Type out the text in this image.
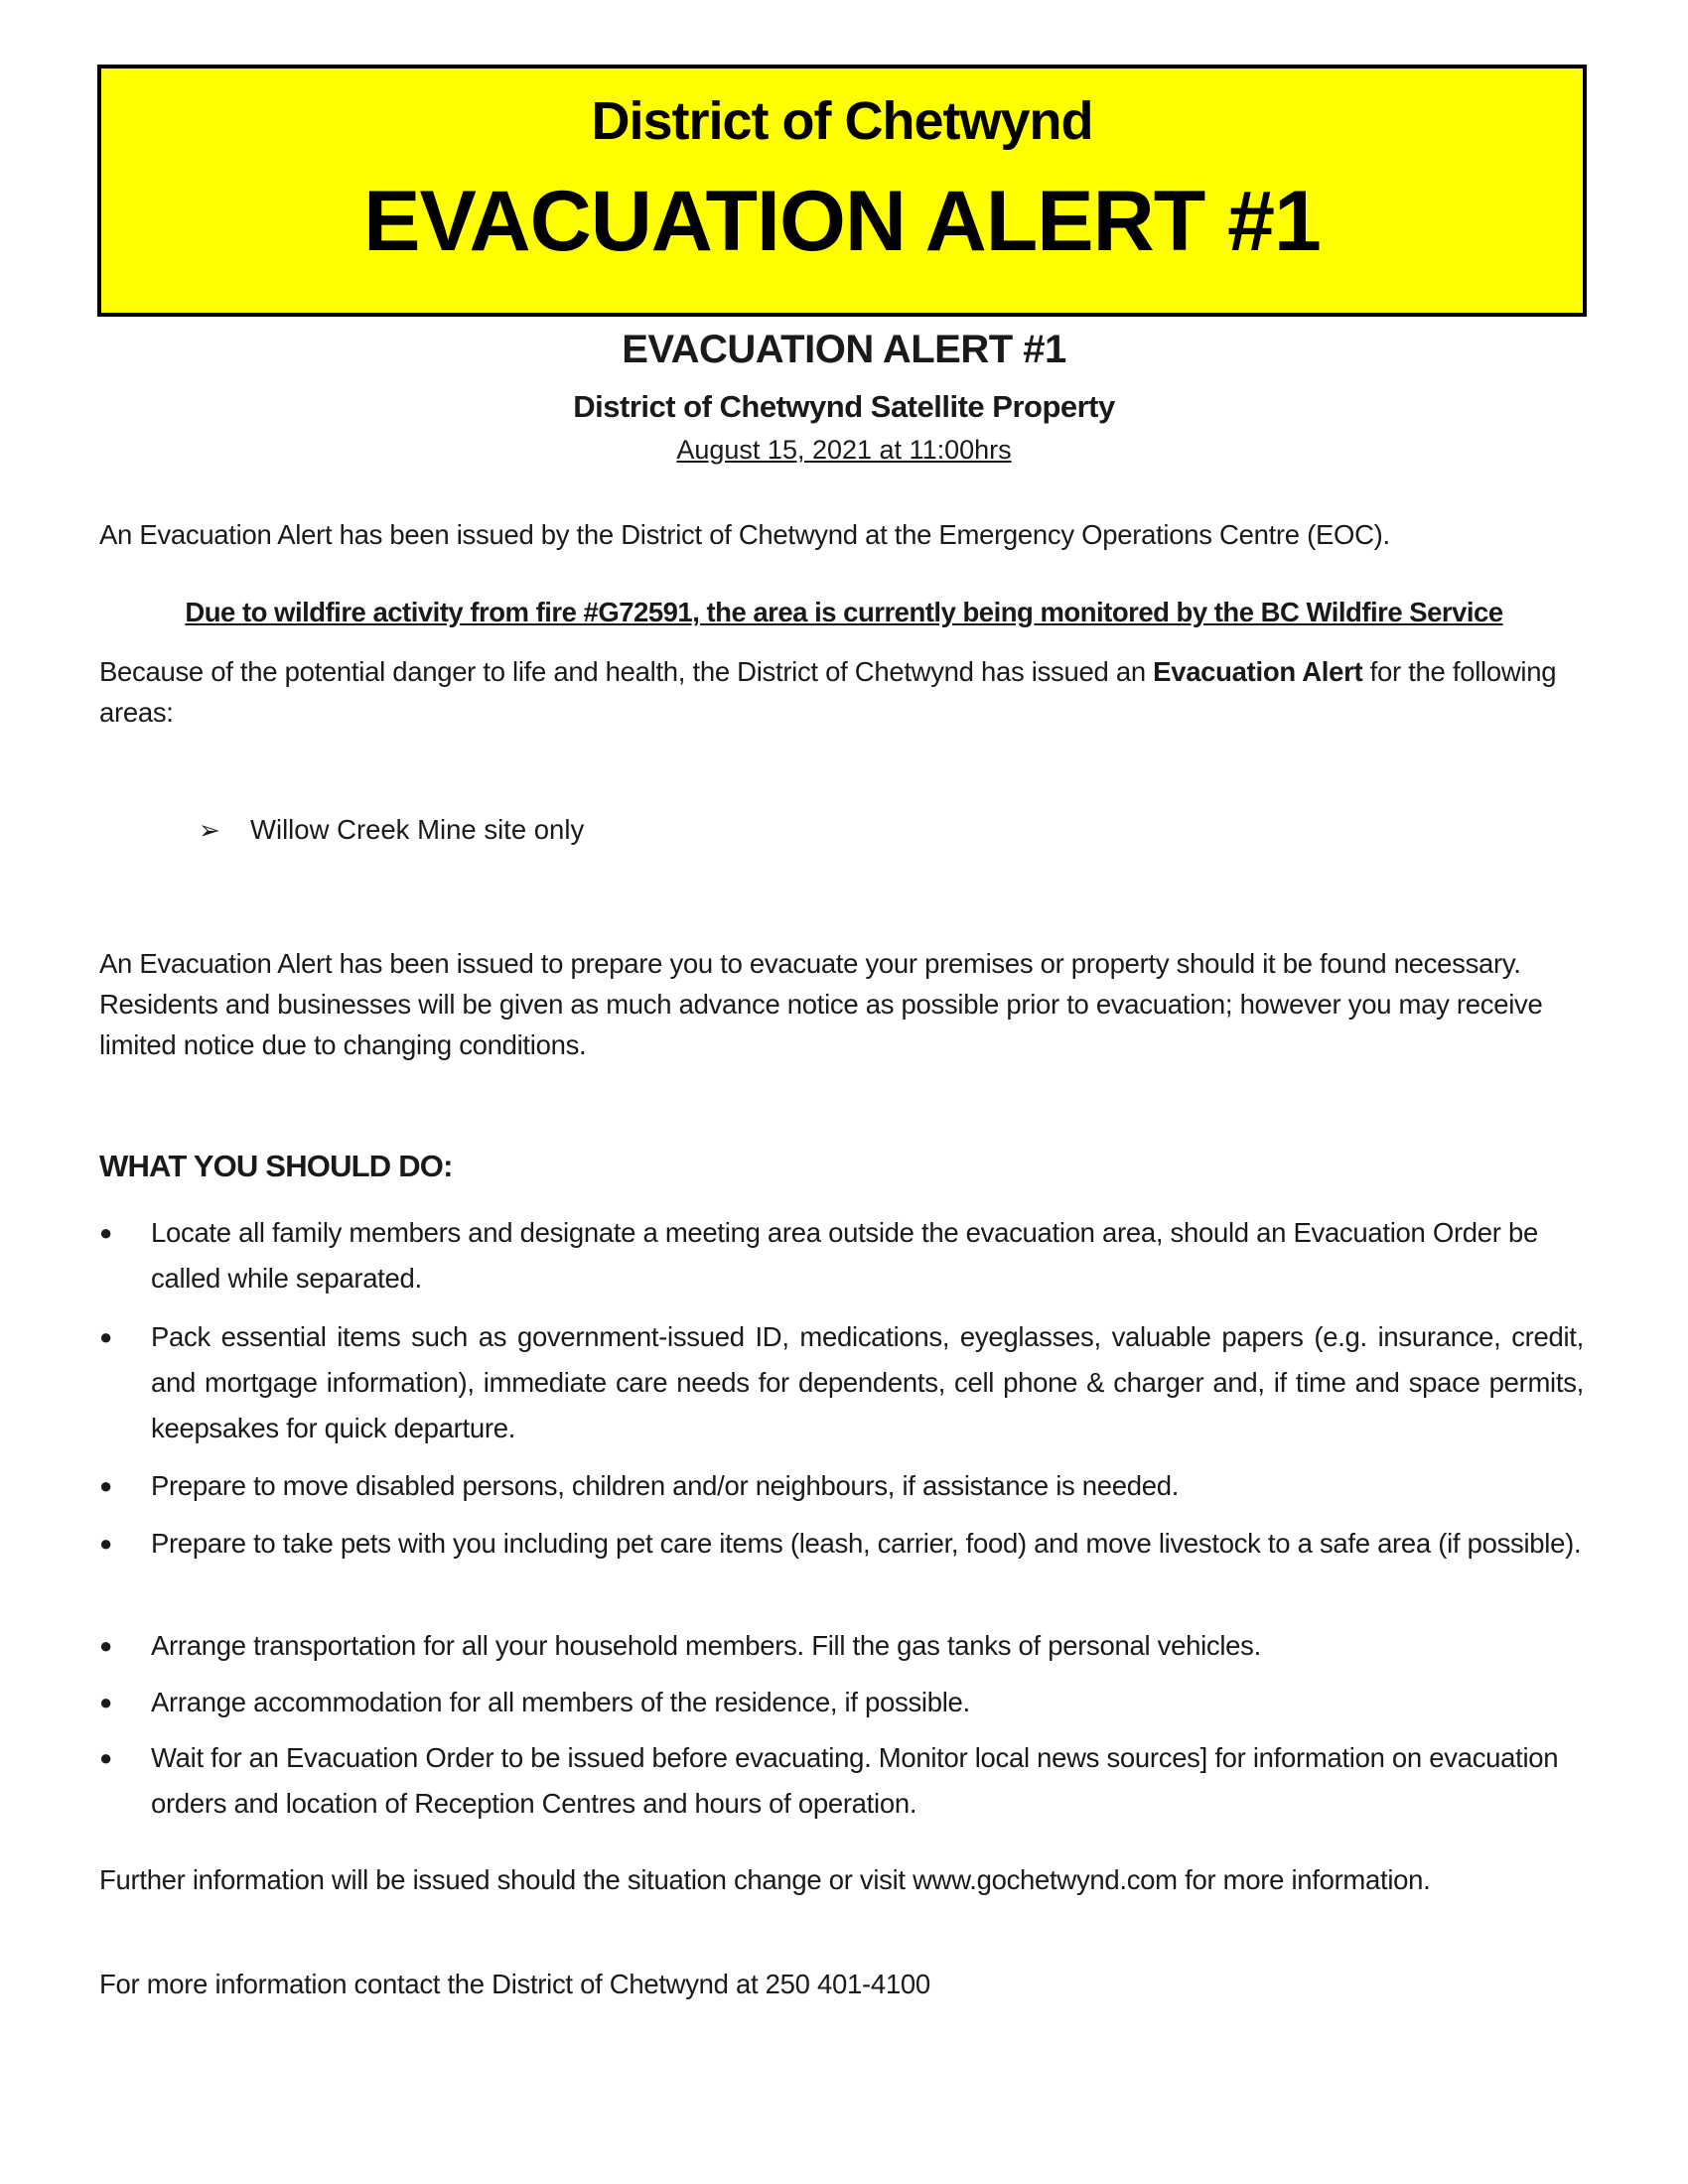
District of Chetwynd
EVACUATION ALERT #1
EVACUATION ALERT #1
District of Chetwynd Satellite Property
August 15, 2021 at 11:00hrs
An Evacuation Alert has been issued by the District of Chetwynd at the Emergency Operations Centre (EOC).
Due to wildfire activity from fire #G72591, the area is currently being monitored by the BC Wildfire Service
Because of the potential danger to life and health, the District of Chetwynd has issued an Evacuation Alert for the following areas:
➢ Willow Creek Mine site only
An Evacuation Alert has been issued to prepare you to evacuate your premises or property should it be found necessary. Residents and businesses will be given as much advance notice as possible prior to evacuation; however you may receive limited notice due to changing conditions.
WHAT YOU SHOULD DO:
●	Locate all family members and designate a meeting area outside the evacuation area, should an Evacuation Order be called while separated.
●	Pack essential items such as government-issued ID, medications, eyeglasses, valuable papers (e.g. insurance, credit, and mortgage information), immediate care needs for dependents, cell phone & charger and, if time and space permits, keepsakes for quick departure.
●	Prepare to move disabled persons, children and/or neighbours, if assistance is needed.
●	Prepare to take pets with you including pet care items (leash, carrier, food) and move livestock to a safe area (if possible).
●	Arrange transportation for all your household members. Fill the gas tanks of personal vehicles.
●	Arrange accommodation for all members of the residence, if possible.
●	Wait for an Evacuation Order to be issued before evacuating. Monitor local news sources] for information on evacuation orders and location of Reception Centres and hours of operation.
Further information will be issued should the situation change or visit www.gochetwynd.com for more information.
For more information contact the District of Chetwynd at 250 401-4100
